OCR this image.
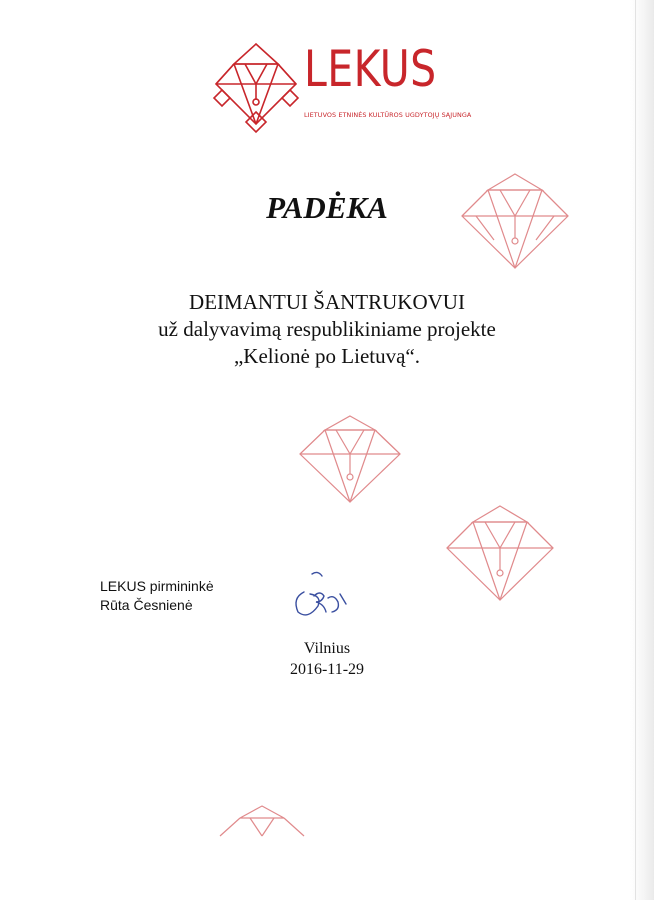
LEKUS
LIETUVOS ETNINĖS KULTŪROS UGDYTOJŲ SĄJUNGA
PADĖKA
DEIMANTUI ŠANTRUKOVUI
už dalyvavimą respublikiniame projekte
„Kelionė po Lietuvą“.
LEKUS pirmininkė
Rūta Česnienė
Vilnius
2016-11-29
